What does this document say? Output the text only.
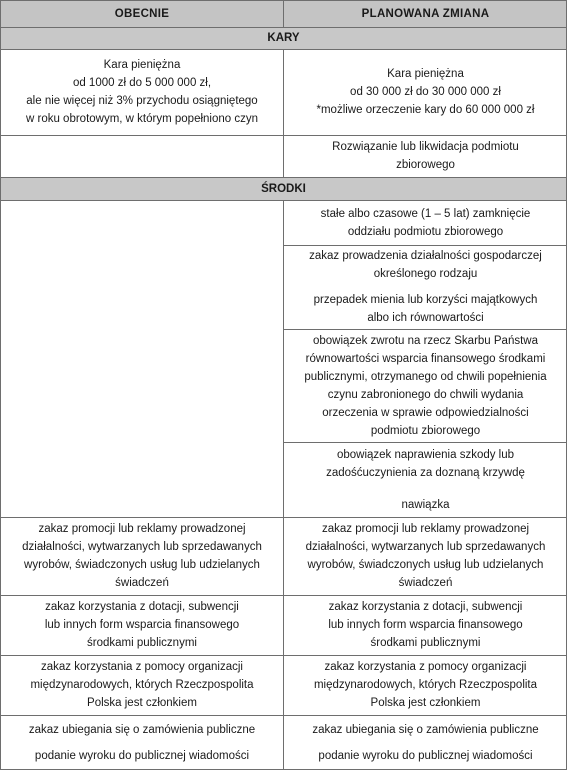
OBECNIE	PLANOWANA ZMIANA
KARY
Kara pieniężna
od 1000 zł do 5 000 000 zł,
ale nie więcej niż 3% przychodu osiągniętego
w roku obrotowym, w którym popełniono czyn
Kara pieniężna
od 30 000 zł do 30 000 000 zł
*możliwe orzeczenie kary do 60 000 000 zł
Rozwiązanie lub likwidacja podmiotu
zbiorowego
ŚRODKI
stałe albo czasowe (1 – 5 lat) zamknięcie
oddziału podmiotu zbiorowego
zakaz prowadzenia działalności gospodarczej
określonego rodzaju
przepadek mienia lub korzyści majątkowych
albo ich równowartości
obowiązek zwrotu na rzecz Skarbu Państwa
równowartości wsparcia finansowego środkami
publicznymi, otrzymanego od chwili popełnienia
czynu zabronionego do chwili wydania
orzeczenia w sprawie odpowiedzialności
podmiotu zbiorowego
obowiązek naprawienia szkody lub
zadośćuczynienia za doznaną krzywdę
nawiązka
zakaz promocji lub reklamy prowadzonej
działalności, wytwarzanych lub sprzedawanych
wyrobów, świadczonych usług lub udzielanych
świadczeń
zakaz promocji lub reklamy prowadzonej
działalności, wytwarzanych lub sprzedawanych
wyrobów, świadczonych usług lub udzielanych
świadczeń
zakaz korzystania z dotacji, subwencji
lub innych form wsparcia finansowego
środkami publicznymi
zakaz korzystania z dotacji, subwencji
lub innych form wsparcia finansowego
środkami publicznymi
zakaz korzystania z pomocy organizacji
międzynarodowych, których Rzeczpospolita
Polska jest członkiem
zakaz korzystania z pomocy organizacji
międzynarodowych, których Rzeczpospolita
Polska jest członkiem
zakaz ubiegania się o zamówienia publiczne
podanie wyroku do publicznej wiadomości
zakaz ubiegania się o zamówienia publiczne
podanie wyroku do publicznej wiadomości
